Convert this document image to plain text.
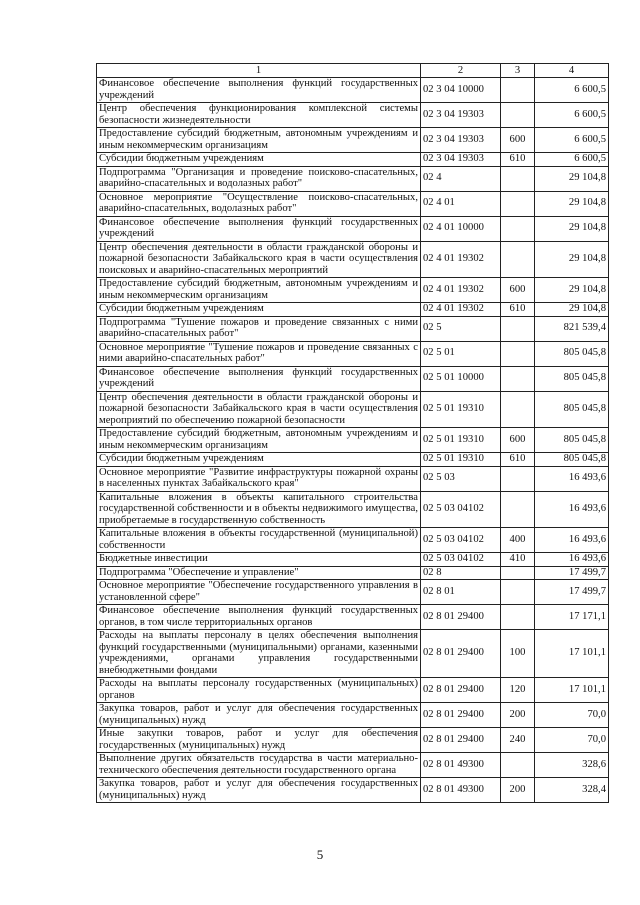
1	2	3	4
Финансовое обеспечение выполнения функций государственных учреждений	02 3 04 10000		6 600,5
Центр обеспечения функционирования комплексной системы безопасности жизнедеятельности	02 3 04 19303		6 600,5
Предоставление субсидий бюджетным, автономным учреждениям и иным некоммерческим организациям	02 3 04 19303	600	6 600,5
Субсидии бюджетным учреждениям	02 3 04 19303	610	6 600,5
Подпрограмма "Организация и проведение поисково-спасательных, аварийно-спасательных и водолазных работ"	02 4		29 104,8
Основное мероприятие "Осуществление поисково-спасательных, аварийно-спасательных, водолазных работ"	02 4 01		29 104,8
Финансовое обеспечение выполнения функций государственных учреждений	02 4 01 10000		29 104,8
Центр обеспечения деятельности в области гражданской обороны и пожарной безопасности Забайкальского края в части осуществления поисковых и аварийно-спасательных мероприятий	02 4 01 19302		29 104,8
Предоставление субсидий бюджетным, автономным учреждениям и иным некоммерческим организациям	02 4 01 19302	600	29 104,8
Субсидии бюджетным учреждениям	02 4 01 19302	610	29 104,8
Подпрограмма "Тушение пожаров и проведение связанных с ними аварийно-спасательных работ"	02 5		821 539,4
Основное мероприятие "Тушение пожаров и проведение связанных с ними аварийно-спасательных работ"	02 5 01		805 045,8
Финансовое обеспечение выполнения функций государственных учреждений	02 5 01 10000		805 045,8
Центр обеспечения деятельности в области гражданской обороны и пожарной безопасности Забайкальского края в части осуществления мероприятий по обеспечению пожарной безопасности	02 5 01 19310		805 045,8
Предоставление субсидий бюджетным, автономным учреждениям и иным некоммерческим организациям	02 5 01 19310	600	805 045,8
Субсидии бюджетным учреждениям	02 5 01 19310	610	805 045,8
Основное мероприятие "Развитие инфраструктуры пожарной охраны в населенных пунктах Забайкальского края"	02 5 03		16 493,6
Капитальные вложения в объекты капитального строительства государственной собственности и в объекты недвижимого имущества, приобретаемые в государственную собственность	02 5 03 04102		16 493,6
Капитальные вложения в объекты государственной (муниципальной) собственности	02 5 03 04102	400	16 493,6
Бюджетные инвестиции	02 5 03 04102	410	16 493,6
Подпрограмма "Обеспечение и управление"	02 8		17 499,7
Основное мероприятие "Обеспечение государственного управления в установленной сфере"	02 8 01		17 499,7
Финансовое обеспечение выполнения функций государственных органов, в том числе территориальных органов	02 8 01 29400		17 171,1
Расходы на выплаты персоналу в целях обеспечения выполнения функций государственными (муниципальными) органами, казенными учреждениями, органами управления государственными внебюджетными фондами	02 8 01 29400	100	17 101,1
Расходы на выплаты персоналу государственных (муниципальных) органов	02 8 01 29400	120	17 101,1
Закупка товаров, работ и услуг для обеспечения государственных (муниципальных) нужд	02 8 01 29400	200	70,0
Иные закупки товаров, работ и услуг для обеспечения государственных (муниципальных) нужд	02 8 01 29400	240	70,0
Выполнение других обязательств государства в части материально-технического обеспечения деятельности государственного органа	02 8 01 49300		328,6
Закупка товаров, работ и услуг для обеспечения государственных (муниципальных) нужд	02 8 01 49300	200	328,4
5
